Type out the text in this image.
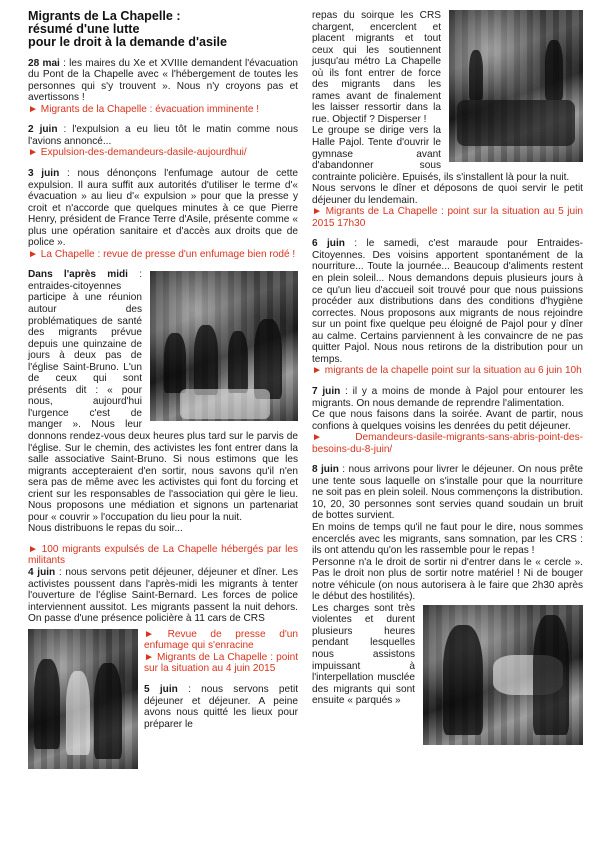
Migrants de La Chapelle :
résumé d'une lutte
pour le droit à la demande d'asile

28 mai : les maires du Xe et XVIIIe demandent l'évacuation du Pont de la Chapelle avec « l'hébergement de toutes les personnes qui s'y trouvent ». Nous n'y croyons pas et avertissons !

► Migrants de la Chapelle : évacuation imminente !

2 juin : l'expulsion a eu lieu tôt le matin comme nous l'avions annoncé...

► Expulsion-des-demandeurs-dasile-aujourdhui/

3 juin : nous dénonçons l'enfumage autour de cette expulsion. Il aura suffit aux autorités d'utiliser le terme d'« évacuation » au lieu d'« expulsion » pour que la presse y croit et n'accorde que quelques minutes à ce que Pierre Henry, président de France Terre d'Asile, présente comme « plus une opération sanitaire et d'accès aux droits que de police ».

► La Chapelle : revue de presse d'un enfumage bien rodé !

Dans l'après midi : entraides-citoyennes participe à une réunion autour des problématiques de santé des migrants prévue depuis une quinzaine de jours à deux pas de l'église Saint-Bruno. L'un de ceux qui sont présents dit : « pour nous, aujourd'hui l'urgence c'est de manger ». Nous leur donnons rendez-vous deux heures plus tard sur le parvis de l'église. Sur le chemin, des activistes les font entrer dans la salle associative Saint-Bruno. Si nous estimons que les migrants accepteraient d'en sortir, nous savons qu'il n'en sera pas de même avec les activistes qui font du forcing et crient sur les responsables de l'association qui gère le lieu. Nous proposons une médiation et signons un partenariat pour « couvrir » l'occupation du lieu pour la nuit.

Nous distribuons le repas du soir...

► 100 migrants expulsés de La Chapelle hébergés par les militants

4 juin : nous servons petit déjeuner, déjeuner et dîner. Les activistes poussent dans l'après-midi les migrants à tenter l'ouverture de l'église Saint-Bernard. Les forces de police interviennent aussitot. Les migrants passent la nuit dehors. On passe d'une présence policière à 11 cars de CRS

► Revue de presse d'un enfumage qui s'enracine
► Migrants de La Chapelle : point sur la situation au 4 juin 2015

5 juin : nous servons petit déjeuner et déjeuner. A peine avons nous quitté les lieux pour préparer le

repas du soirque les CRS chargent, encerclent et placent migrants et tout ceux qui les soutiennent jusqu'au métro La Chapelle où ils font entrer de force des migrants dans les rames avant de finalement les laisser ressortir dans la rue. Objectif ? Disperser !

Le groupe se dirige vers la Halle Pajol. Tente d'ouvrir le gymnase avant d'abandonner sous contrainte policière. Epuisés, ils s'installent là pour la nuit.

Nous servons le dîner et déposons de quoi servir le petit déjeuner du lendemain.

► Migrants de La Chapelle : point sur la situation au 5 juin 2015 17h30

6 juin : le samedi, c'est maraude pour Entraides-Citoyennes. Des voisins apportent spontanément de la nourriture... Toute la journée... Beaucoup d'aliments restent en plein soleil... Nous demandons depuis plusieurs jours à ce qu'un lieu d'accueil soit trouvé pour que nous puissions procéder aux distributions dans des conditions d'hygiène correctes. Nous proposons aux migrants de nous rejoindre sur un point fixe quelque peu éloigné de Pajol pour y dîner au calme. Certains parviennent à les convaincre de ne pas quitter Pajol. Nous nous retirons de la distribution pour un temps.

► migrants de la chapelle point sur la situation au 6 juin 10h

7 juin : il y a moins de monde à Pajol pour entourer les migrants. On nous demande de reprendre l'alimentation.

Ce que nous faisons dans la soirée. Avant de partir, nous confions à quelques voisins les denrées du petit déjeuner.

► Demandeurs-dasile-migrants-sans-abris-point-des-besoins-du-8-juin/

8 juin : nous arrivons pour livrer le déjeuner. On nous prête une tente sous laquelle on s'installe pour que la nourriture ne soit pas en plein soleil. Nous commençons la distribution. 10, 20, 30 personnes sont servies quand soudain un bruit de bottes survient.

En moins de temps qu'il ne faut pour le dire, nous sommes encerclés avec les migrants, sans somnation, par les CRS : ils ont attendu qu'on les rassemble pour le repas !

Personne n'a le droit de sortir ni d'entrer dans le « cercle ». Pas le droit non plus de sortir notre matériel ! Ni de bouger notre véhicule (on nous autorisera à le faire que 2h30 après le début des hostilités).

Les charges sont très violentes et durent plusieurs heures pendant lesquelles nous assistons impuissant à l'interpellation musclée des migrants qui sont ensuite « parqués »
